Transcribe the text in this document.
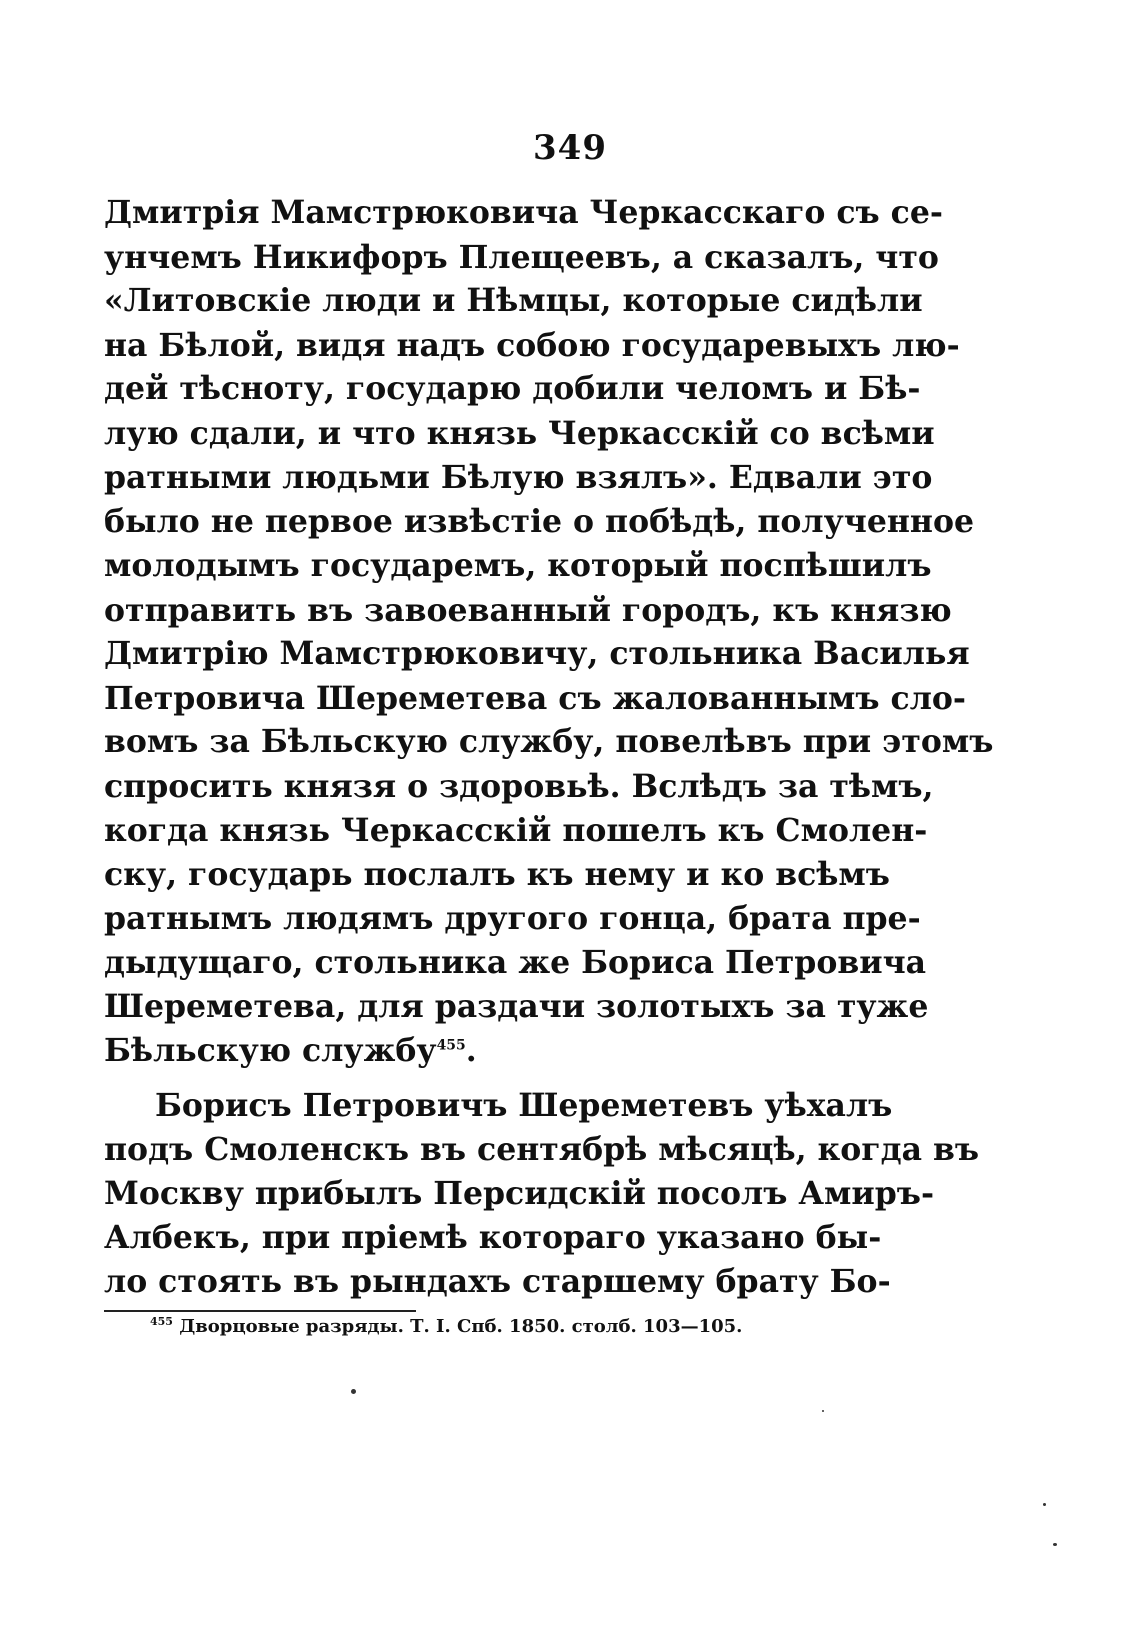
349
Дмитрія Мамстрюковича Черкасскаго съ се-
унчемъ Никифоръ Плещеевъ, а сказалъ, что
«Литовскіе люди и Нѣмцы, которые сидѣли
на Бѣлой, видя надъ собою государевыхъ лю-
дей тѣсноту, государю добили челомъ и Бѣ-
лую сдали, и что князь Черкасскій со всѣми
ратными людьми Бѣлую взялъ». Едвали это
было не первое извѣстіе о побѣдѣ, полученное
молодымъ государемъ, который поспѣшилъ
отправить въ завоеванный городъ, къ князю
Дмитрію Мамстрюковичу, стольника Василья
Петровича Шереметева съ жалованнымъ сло-
вомъ за Бѣльскую службу, повелѣвъ при этомъ
спросить князя о здоровьѣ. Вслѣдъ за тѣмъ,
когда князь Черкасскій пошелъ къ Смолен-
ску, государь послалъ къ нему и ко всѣмъ
ратнымъ людямъ другого гонца, брата пре-
дыдущаго, стольника же Бориса Петровича
Шереметева, для раздачи золотыхъ за туже
Бѣльскую службу$^{455}$.
Борисъ Петровичъ Шереметевъ уѣхалъ
подъ Смоленскъ въ сентябрѣ мѣсяцѣ, когда въ
Москву прибылъ Персидскій посолъ Амиръ-
Албекъ, при пріемѣ котораго указано бы-
ло стоять въ рындахъ старшему брату Бо-
$^{455}$ Дворцовые разряды. Т. I. Спб. 1850. столб. 103—105.
